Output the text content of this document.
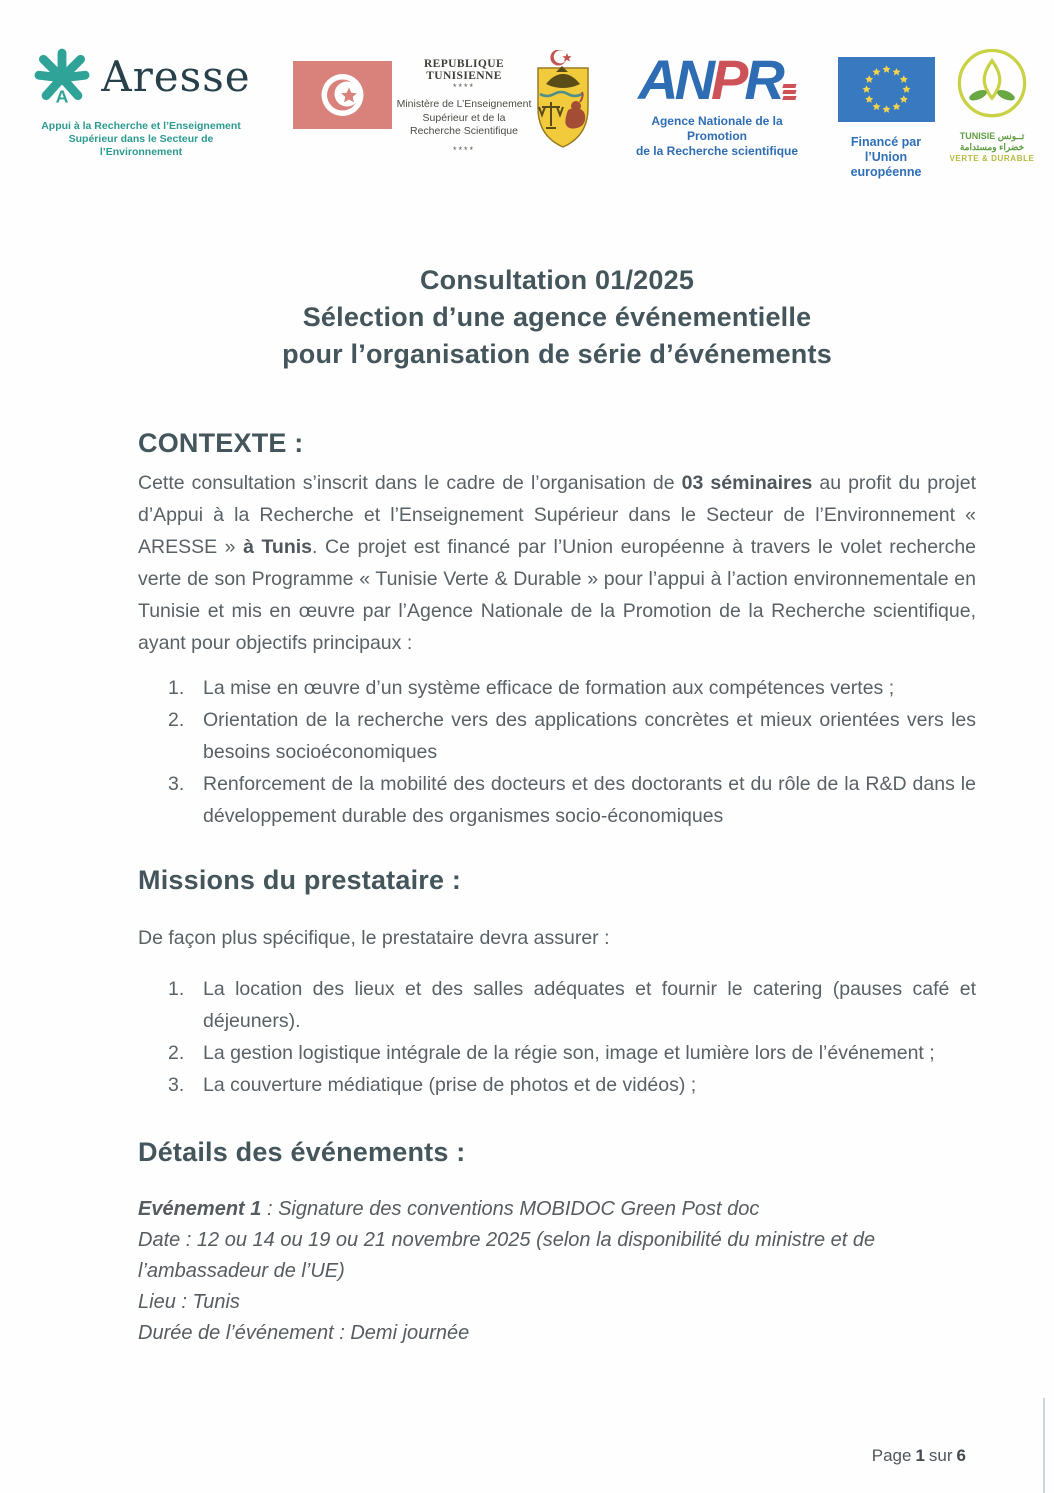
A Aresse
Appui à la Recherche et l’Enseignement
Supérieur dans le Secteur de l’Environnement
REPUBLIQUE TUNISIENNE
****
Ministère de L’Enseignement
Supérieur et de la
Recherche Scientifique
****
ANPR
Agence Nationale de la Promotion
de la Recherche scientifique
Financé par
l’Union européenne
TUNISIE تــونس
خضراء ومستدامة
VERTE & DURABLE
Consultation 01/2025
Sélection d’une agence événementielle
pour l’organisation de série d’événements
CONTEXTE :

Cette consultation s’inscrit dans le cadre de l’organisation de 03 séminaires au profit du projet d’Appui à la Recherche et l’Enseignement Supérieur dans le Secteur de l’Environnement « ARESSE » à Tunis. Ce projet est financé par l’Union européenne à travers le volet recherche verte de son Programme « Tunisie Verte & Durable » pour l’appui à l’action environnementale en Tunisie et mis en œuvre par l’Agence Nationale de la Promotion de la Recherche scientifique, ayant pour objectifs principaux :

1. La mise en œuvre d’un système efficace de formation aux compétences vertes ;
2. Orientation de la recherche vers des applications concrètes et mieux orientées vers les besoins socioéconomiques
3. Renforcement de la mobilité des docteurs et des doctorants et du rôle de la R&D dans le développement durable des organismes socio-économiques
Missions du prestataire :

De façon plus spécifique, le prestataire devra assurer :

1. La location des lieux et des salles adéquates et fournir le catering (pauses café et déjeuners).
2. La gestion logistique intégrale de la régie son, image et lumière lors de l’événement ;
3. La couverture médiatique (prise de photos et de vidéos) ;
Détails des événements :
Evénement 1 : Signature des conventions MOBIDOC Green Post doc
Date : 12 ou 14 ou 19 ou 21 novembre 2025 (selon la disponibilité du ministre et de l’ambassadeur de l’UE)
Lieu : Tunis
Durée de l’événement : Demi journée
Page 1 sur 6
